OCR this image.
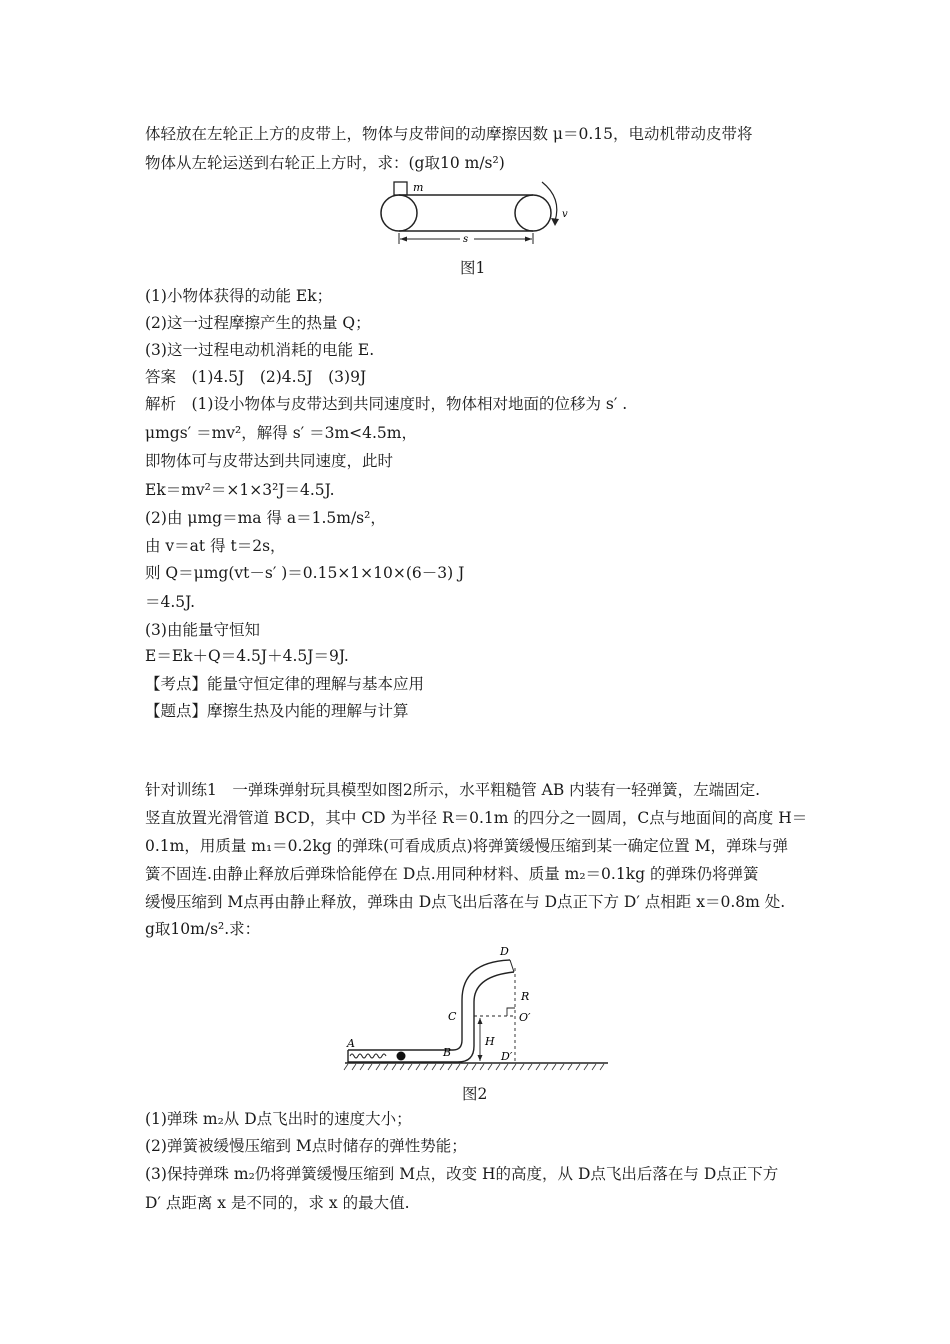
体轻放在左轮正上方的皮带上，物体与皮带间的动摩擦因数 μ＝0.15，电动机带动皮带将
物体从左轮运送到右轮正上方时，求：(g取10 m/s²)
m
v
s
图1
(1)小物体获得的动能 Ek；
(2)这一过程摩擦产生的热量 Q；
(3)这一过程电动机消耗的电能 E.
答案　(1)4.5J　(2)4.5J　(3)9J
解析　(1)设小物体与皮带达到共同速度时，物体相对地面的位移为 s′ .
μmgs′ ＝mv²，解得 s′ ＝3m<4.5m，
即物体可与皮带达到共同速度，此时
Ek＝mv²＝×1×3²J＝4.5J.
(2)由 μmg＝ma 得 a＝1.5m/s²，
由 v＝at 得 t＝2s，
则 Q＝μmg(vt－s′ )＝0.15×1×10×(6－3) J
＝4.5J.
(3)由能量守恒知
E＝Ek＋Q＝4.5J＋4.5J＝9J.
【考点】能量守恒定律的理解与基本应用
【题点】摩擦生热及内能的理解与计算
针对训练1　一弹珠弹射玩具模型如图2所示，水平粗糙管 AB 内装有一轻弹簧，左端固定.
竖直放置光滑管道 BCD，其中 CD 为半径 R＝0.1m 的四分之一圆周，C点与地面间的高度 H＝
0.1m，用质量 m₁＝0.2kg 的弹珠(可看成质点)将弹簧缓慢压缩到某一确定位置 M，弹珠与弹
簧不固连.由静止释放后弹珠恰能停在 D点.用同种材料、质量 m₂＝0.1kg 的弹珠仍将弹簧
缓慢压缩到 M点再由静止释放，弹珠由 D点飞出后落在与 D点正下方 D′ 点相距 x＝0.8m 处.
g取10m/s².求：
A
B
C
D
R
O′
H
D′
图2
(1)弹珠 m₂从 D点飞出时的速度大小；
(2)弹簧被缓慢压缩到 M点时储存的弹性势能；
(3)保持弹珠 m₂仍将弹簧缓慢压缩到 M点，改变 H的高度，从 D点飞出后落在与 D点正下方
D′ 点距离 x 是不同的，求 x 的最大值.
